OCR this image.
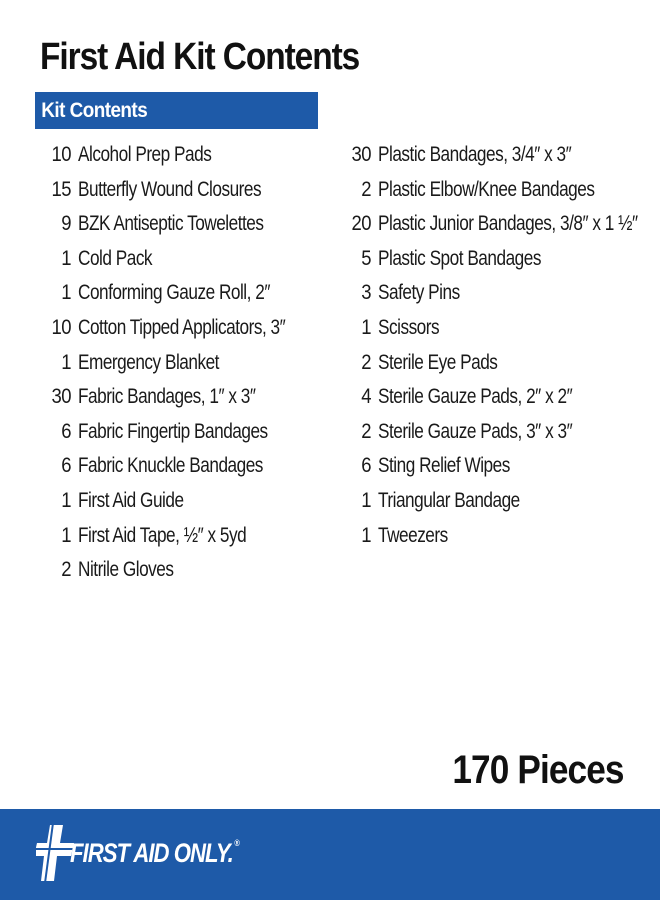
First Aid Kit Contents
Kit Contents
10 Alcohol Prep Pads
15 Butterfly Wound Closures
9 BZK Antiseptic Towelettes
1 Cold Pack
1 Conforming Gauze Roll, 2″
10 Cotton Tipped Applicators, 3″
1 Emergency Blanket
30 Fabric Bandages, 1″ x 3″
6 Fabric Fingertip Bandages
6 Fabric Knuckle Bandages
1 First Aid Guide
1 First Aid Tape, ½″ x 5yd
2 Nitrile Gloves
30 Plastic Bandages, 3/4″ x 3″
2 Plastic Elbow/Knee Bandages
20 Plastic Junior Bandages, 3/8″ x 1 ½″
5 Plastic Spot Bandages
3 Safety Pins
1 Scissors
2 Sterile Eye Pads
4 Sterile Gauze Pads, 2″ x 2″
2 Sterile Gauze Pads, 3″ x 3″
6 Sting Relief Wipes
1 Triangular Bandage
1 Tweezers
170 Pieces
FIRST AID ONLY. ®
